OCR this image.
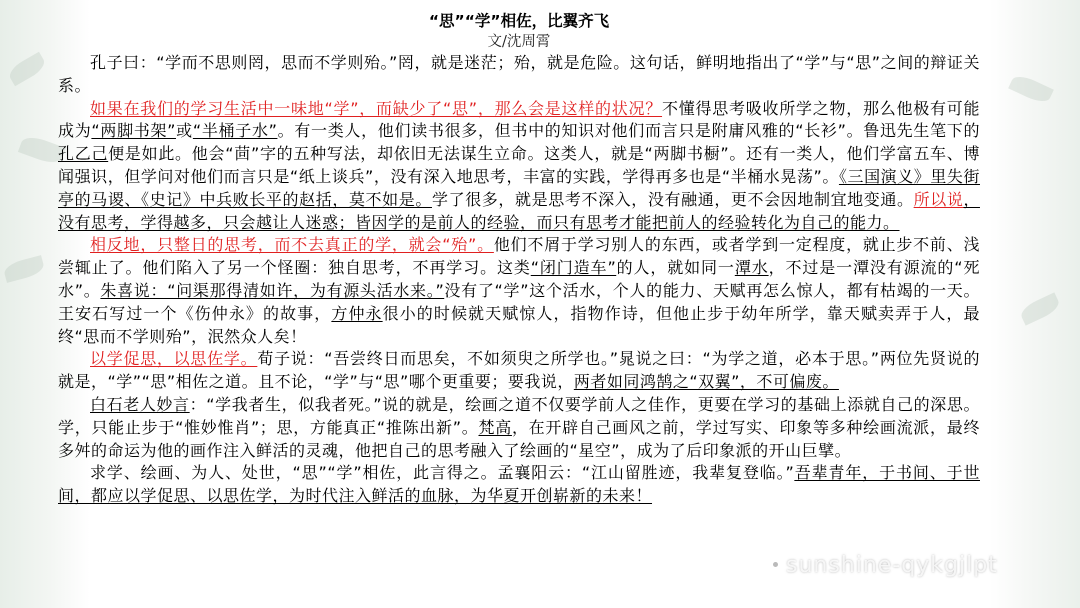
“思”“学”相佐，比翼齐飞
文/沈周霄

孔子曰：“学而不思则罔，思而不学则殆。”罔，就是迷茫；殆，就是危险。这句话，鲜明地指出了“学”与“思”之间的辩证关系。

如果在我们的学习生活中一味地“学”，而缺少了“思”，那么会是这样的状况？不懂得思考吸收所学之物，那么他极有可能成为“两脚书架”或“半桶子水”。有一类人，他们读书很多，但书中的知识对他们而言只是附庸风雅的“长衫”。鲁迅先生笔下的孔乙己便是如此。他会“茴”字的五种写法，却依旧无法谋生立命。这类人，就是“两脚书橱”。还有一类人，他们学富五车、博闻强识，但学问对他们而言只是“纸上谈兵”，没有深入地思考，丰富的实践，学得再多也是“半桶水晃荡”。《三国演义》里失街亭的马谡、《史记》中兵败长平的赵括，莫不如是。学了很多，就是思考不深入，没有融通，更不会因地制宜地变通。所以说，没有思考，学得越多，只会越让人迷惑；皆因学的是前人的经验，而只有思考才能把前人的经验转化为自己的能力。

相反地，只整日的思考，而不去真正的学，就会“殆”。他们不屑于学习别人的东西，或者学到一定程度，就止步不前、浅尝辄止了。他们陷入了另一个怪圈：独自思考，不再学习。这类“闭门造车”的人，就如同一潭水，不过是一潭没有源流的“死水”。朱喜说：“问渠那得清如许，为有源头活水来。”没有了“学”这个活水，个人的能力、天赋再怎么惊人，都有枯竭的一天。王安石写过一个《伤仲永》的故事，方仲永很小的时候就天赋惊人，指物作诗，但他止步于幼年所学，靠天赋卖弄于人，最终“思而不学则殆”，泯然众人矣！

以学促思，以思佐学。荀子说：“吾尝终日而思矣，不如须臾之所学也。”晁说之曰：“为学之道，必本于思。”两位先贤说的就是，“学”“思”相佐之道。且不论，“学”与“思”哪个更重要；要我说，两者如同鸿鹄之“双翼”，不可偏废。

白石老人妙言：“学我者生，似我者死。”说的就是，绘画之道不仅要学前人之佳作，更要在学习的基础上添就自己的深思。学，只能止步于“惟妙惟肖”；思，方能真正“推陈出新”。梵高，在开辟自己画风之前，学过写实、印象等多种绘画流派，最终多舛的命运为他的画作注入鲜活的灵魂，他把自己的思考融入了绘画的“星空”，成为了后印象派的开山巨擘。

求学、绘画、为人、处世，“思”“学”相佐，此言得之。孟襄阳云：“江山留胜迹，我辈复登临。”吾辈青年，于书间、于世间，都应以学促思、以思佐学，为时代注入鲜活的血脉，为华夏开创崭新的未来！

sunshine-qykgjlpt
